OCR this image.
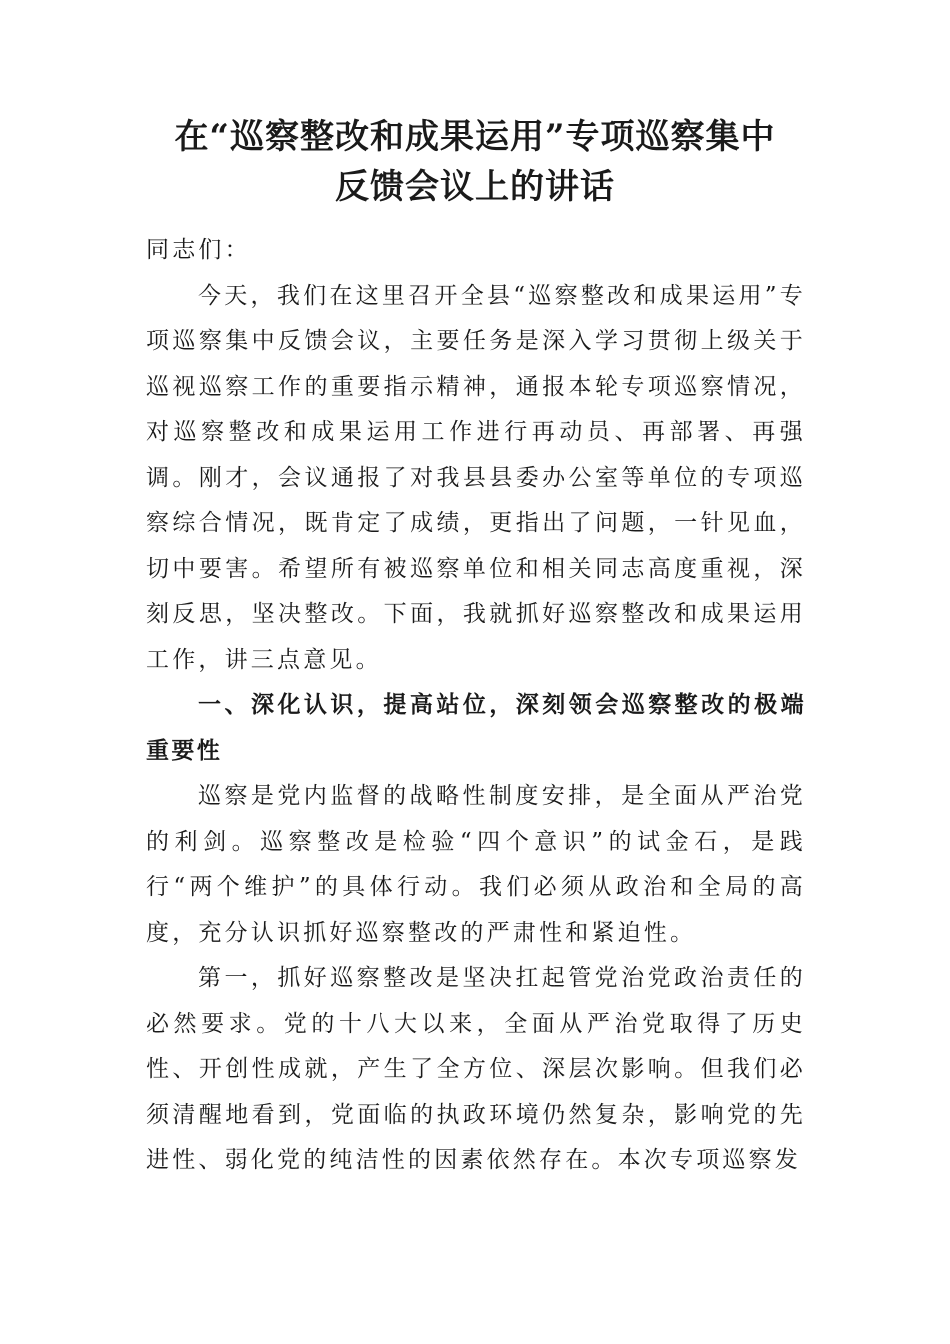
在“巡察整改和成果运用”专项巡察集中
反馈会议上的讲话

同志们：

今天，我们在这里召开全县“巡察整改和成果运用”专项巡察集中反馈会议，主要任务是深入学习贯彻上级关于巡视巡察工作的重要指示精神，通报本轮专项巡察情况，对巡察整改和成果运用工作进行再动员、再部署、再强调。刚才，会议通报了对我县县委办公室等单位的专项巡察综合情况，既肯定了成绩，更指出了问题，一针见血，切中要害。希望所有被巡察单位和相关同志高度重视，深刻反思，坚决整改。下面，我就抓好巡察整改和成果运用工作，讲三点意见。

一、深化认识，提高站位，深刻领会巡察整改的极端重要性

巡察是党内监督的战略性制度安排，是全面从严治党的利剑。巡察整改是检验“四个意识”的试金石，是践行“两个维护”的具体行动。我们必须从政治和全局的高度，充分认识抓好巡察整改的严肃性和紧迫性。

第一，抓好巡察整改是坚决扛起管党治党政治责任的必然要求。党的十八大以来，全面从严治党取得了历史性、开创性成就，产生了全方位、深层次影响。但我们必须清醒地看到，党面临的执政环境仍然复杂，影响党的先进性、弱化党的纯洁性的因素依然存在。本次专项巡察发
